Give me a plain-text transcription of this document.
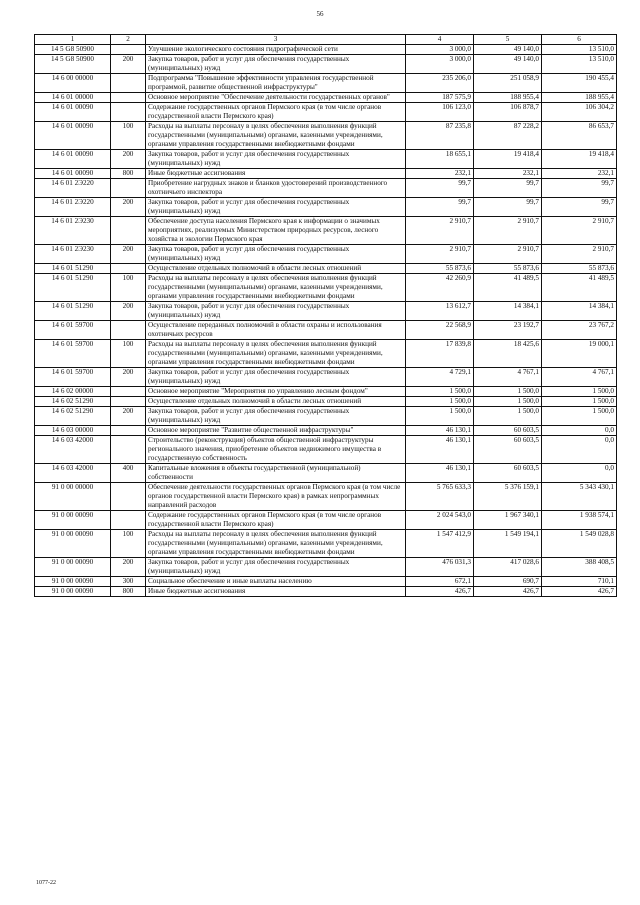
56
1	2	3	4	5	6
14 5 G8 50900		Улучшение экологического состояния гидрографической сети	3 000,0	49 140,0	13 510,0
14 5 G8 50900	200	Закупка товаров, работ и услуг для обеспечения государственных (муниципальных) нужд	3 000,0	49 140,0	13 510,0
14 6 00 00000		Подпрограмма "Повышение эффективности управления государственной программой, развитие общественной инфраструктуры"	235 206,0	251 058,9	190 455,4
14 6 01 00000		Основное мероприятие "Обеспечение деятельности государственных органов"	187 575,9	188 955,4	188 955,4
14 6 01 00090		Содержание государственных органов Пермского края (в том числе органов государственной власти Пермского края)	106 123,0	106 878,7	106 304,2
14 6 01 00090	100	Расходы на выплаты персоналу в целях обеспечения выполнения функций государственными (муниципальными) органами, казенными учреждениями, органами управления государственными внебюджетными фондами	87 235,8	87 228,2	86 653,7
14 6 01 00090	200	Закупка товаров, работ и услуг для обеспечения государственных (муниципальных) нужд	18 655,1	19 418,4	19 418,4
14 6 01 00090	800	Иные бюджетные ассигнования	232,1	232,1	232,1
14 6 01 2Э220		Приобретение нагрудных знаков и бланков удостоверений производственного охотничьего инспектора	99,7	99,7	99,7
14 6 01 2Э220	200	Закупка товаров, работ и услуг для обеспечения государственных (муниципальных) нужд	99,7	99,7	99,7
14 6 01 2Э230		Обеспечение доступа населения Пермского края к информации о значимых мероприятиях, реализуемых Министерством природных ресурсов, лесного хозяйства и экологии Пермского края	2 910,7	2 910,7	2 910,7
14 6 01 2Э230	200	Закупка товаров, работ и услуг для обеспечения государственных (муниципальных) нужд	2 910,7	2 910,7	2 910,7
14 6 01 51290		Осуществление отдельных полномочий в области лесных отношений	55 873,6	55 873,6	55 873,6
14 6 01 51290	100	Расходы на выплаты персоналу в целях обеспечения выполнения функций государственными (муниципальными) органами, казенными учреждениями, органами управления государственными внебюджетными фондами	42 260,9	41 489,5	41 489,5
14 6 01 51290	200	Закупка товаров, работ и услуг для обеспечения государственных (муниципальных) нужд	13 612,7	14 384,1	14 384,1
14 6 01 59700		Осуществление переданных полномочий в области охраны и использования охотничьих ресурсов	22 568,9	23 192,7	23 767,2
14 6 01 59700	100	Расходы на выплаты персоналу в целях обеспечения выполнения функций государственными (муниципальными) органами, казенными учреждениями, органами управления государственными внебюджетными фондами	17 839,8	18 425,6	19 000,1
14 6 01 59700	200	Закупка товаров, работ и услуг для обеспечения государственных (муниципальных) нужд	4 729,1	4 767,1	4 767,1
14 6 02 00000		Основное мероприятие "Мероприятия по управлению лесным фондом"	1 500,0	1 500,0	1 500,0
14 6 02 51290		Осуществление отдельных полномочий в области лесных отношений	1 500,0	1 500,0	1 500,0
14 6 02 51290	200	Закупка товаров, работ и услуг для обеспечения государственных (муниципальных) нужд	1 500,0	1 500,0	1 500,0
14 6 03 00000		Основное мероприятие "Развитие общественной инфраструктуры"	46 130,1	60 603,5	0,0
14 6 03 42000		Строительство (реконструкция) объектов общественной инфраструктуры регионального значения, приобретение объектов недвижимого имущества в государственную собственность	46 130,1	60 603,5	0,0
14 6 03 42000	400	Капитальные вложения в объекты государственной (муниципальной) собственности	46 130,1	60 603,5	0,0
91 0 00 00000		Обеспечение деятельности государственных органов Пермского края (в том числе органов государственной власти Пермского края) в рамках непрограммных направлений расходов	5 765 633,3	5 376 159,1	5 343 430,1
91 0 00 00090		Содержание государственных органов Пермского края (в том числе органов государственной власти Пермского края)	2 024 543,0	1 967 340,1	1 938 574,1
91 0 00 00090	100	Расходы на выплаты персоналу в целях обеспечения выполнения функций государственными (муниципальными) органами, казенными учреждениями, органами управления государственными внебюджетными фондами	1 547 412,9	1 549 194,1	1 549 028,8
91 0 00 00090	200	Закупка товаров, работ и услуг для обеспечения государственных (муниципальных) нужд	476 031,3	417 028,6	388 408,5
91 0 00 00090	300	Социальное обеспечение и иные выплаты населению	672,1	690,7	710,1
91 0 00 00090	800	Иные бюджетные ассигнования	426,7	426,7	426,7
1077-22
